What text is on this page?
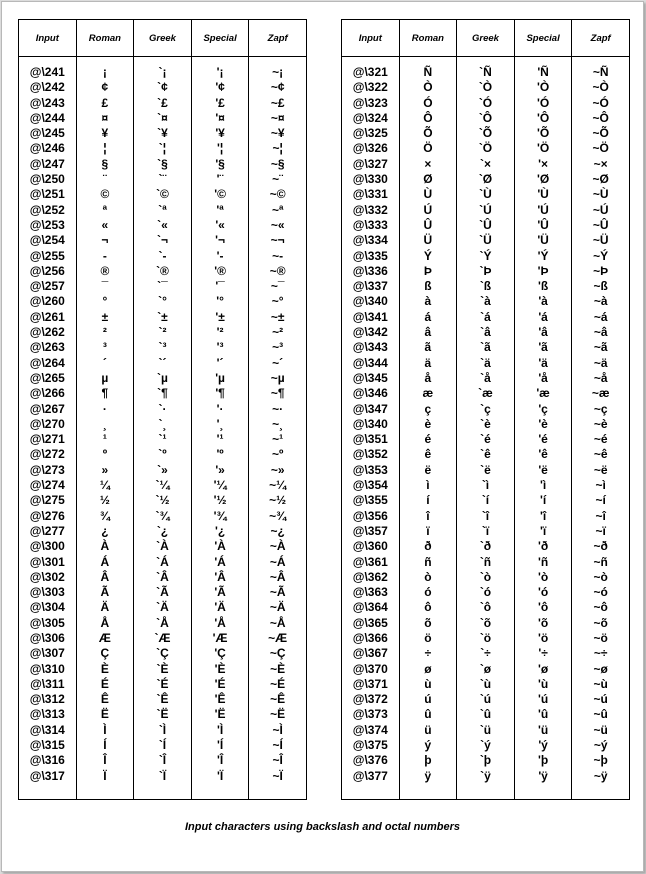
Input	Roman	Greek	Special	Zapf

@\241	¡	`¡	'¡	~¡
@\242	¢	`¢	'¢	~¢
@\243	£	`£	'£	~£
@\244	¤	`¤	'¤	~¤
@\245	¥	`¥	'¥	~¥
@\246	¦	`¦	'¦	~¦
@\247	§	`§	'§	~§
@\250	¨	`¨	'¨	~¨
@\251	©	`©	'©	~©
@\252	ª	`ª	'ª	~ª
@\253	«	`«	'«	~«
@\254	¬	`¬	'¬	~¬
@\255	-	`-	'-	~-
@\256	®	`®	'®	~®
@\257	¯	`¯	'¯	~¯
@\260	°	`°	'°	~°
@\261	±	`±	'±	~±
@\262	²	`²	'²	~²
@\263	³	`³	'³	~³
@\264	´	`´	'´	~´
@\265	µ	`µ	'µ	~µ
@\266	¶	`¶	'¶	~¶
@\267	·	`·	'·	~·
@\270	¸	`¸	'¸	~¸
@\271	¹	`¹	'¹	~¹
@\272	º	`º	'º	~º
@\273	»	`»	'»	~»
@\274	¼	`¼	'¼	~¼
@\275	½	`½	'½	~½
@\276	¾	`¾	'¾	~¾
@\277	¿	`¿	'¿	~¿
@\300	À	`À	'À	~À
@\301	Á	`Á	'Á	~Á
@\302	Â	`Â	'Â	~Â
@\303	Ã	`Ã	'Ã	~Ã
@\304	Ä	`Ä	'Ä	~Ä
@\305	Å	`Å	'Å	~Å
@\306	Æ	`Æ	'Æ	~Æ
@\307	Ç	`Ç	'Ç	~Ç
@\310	È	`È	'È	~È
@\311	É	`É	'É	~É
@\312	Ê	`Ê	'Ê	~Ê
@\313	Ë	`Ë	'Ë	~Ë
@\314	Ì	`Ì	'Ì	~Ì
@\315	Í	`Í	'Í	~Í
@\316	Î	`Î	'Î	~Î
@\317	Ï	`Ï	'Ï	~Ï

Input	Roman	Greek	Special	Zapf

@\321	Ñ	`Ñ	'Ñ	~Ñ
@\322	Ò	`Ò	'Ò	~Ò
@\323	Ó	`Ó	'Ó	~Ó
@\324	Ô	`Ô	'Ô	~Ô
@\325	Õ	`Õ	'Õ	~Õ
@\326	Ö	`Ö	'Ö	~Ö
@\327	×	`×	'×	~×
@\330	Ø	`Ø	'Ø	~Ø
@\331	Ù	`Ù	'Ù	~Ù
@\332	Ú	`Ú	'Ú	~Ú
@\333	Û	`Û	'Û	~Û
@\334	Ü	`Ü	'Ü	~Ü
@\335	Ý	`Ý	'Ý	~Ý
@\336	Þ	`Þ	'Þ	~Þ
@\337	ß	`ß	'ß	~ß
@\340	à	`à	'à	~à
@\341	á	`á	'á	~á
@\342	â	`â	'â	~â
@\343	ã	`ã	'ã	~ã
@\344	ä	`ä	'ä	~ä
@\345	å	`å	'å	~å
@\346	æ	`æ	'æ	~æ
@\347	ç	`ç	'ç	~ç
@\340	è	`è	'è	~è
@\351	é	`é	'é	~é
@\352	ê	`ê	'ê	~ê
@\353	ë	`ë	'ë	~ë
@\354	ì	`ì	'ì	~ì
@\355	í	`í	'í	~í
@\356	î	`î	'î	~î
@\357	ï	`ï	'ï	~ï
@\360	ð	`ð	'ð	~ð
@\361	ñ	`ñ	'ñ	~ñ
@\362	ò	`ò	'ò	~ò
@\363	ó	`ó	'ó	~ó
@\364	ô	`ô	'ô	~ô
@\365	õ	`õ	'õ	~õ
@\366	ö	`ö	'ö	~ö
@\367	÷	`÷	'÷	~÷
@\370	ø	`ø	'ø	~ø
@\371	ù	`ù	'ù	~ù
@\372	ú	`ú	'ú	~ú
@\373	û	`û	'û	~û
@\374	ü	`ü	'ü	~ü
@\375	ý	`ý	'ý	~ý
@\376	þ	`þ	'þ	~þ
@\377	ÿ	`ÿ	'ÿ	~ÿ

Input characters using backslash and octal numbers
